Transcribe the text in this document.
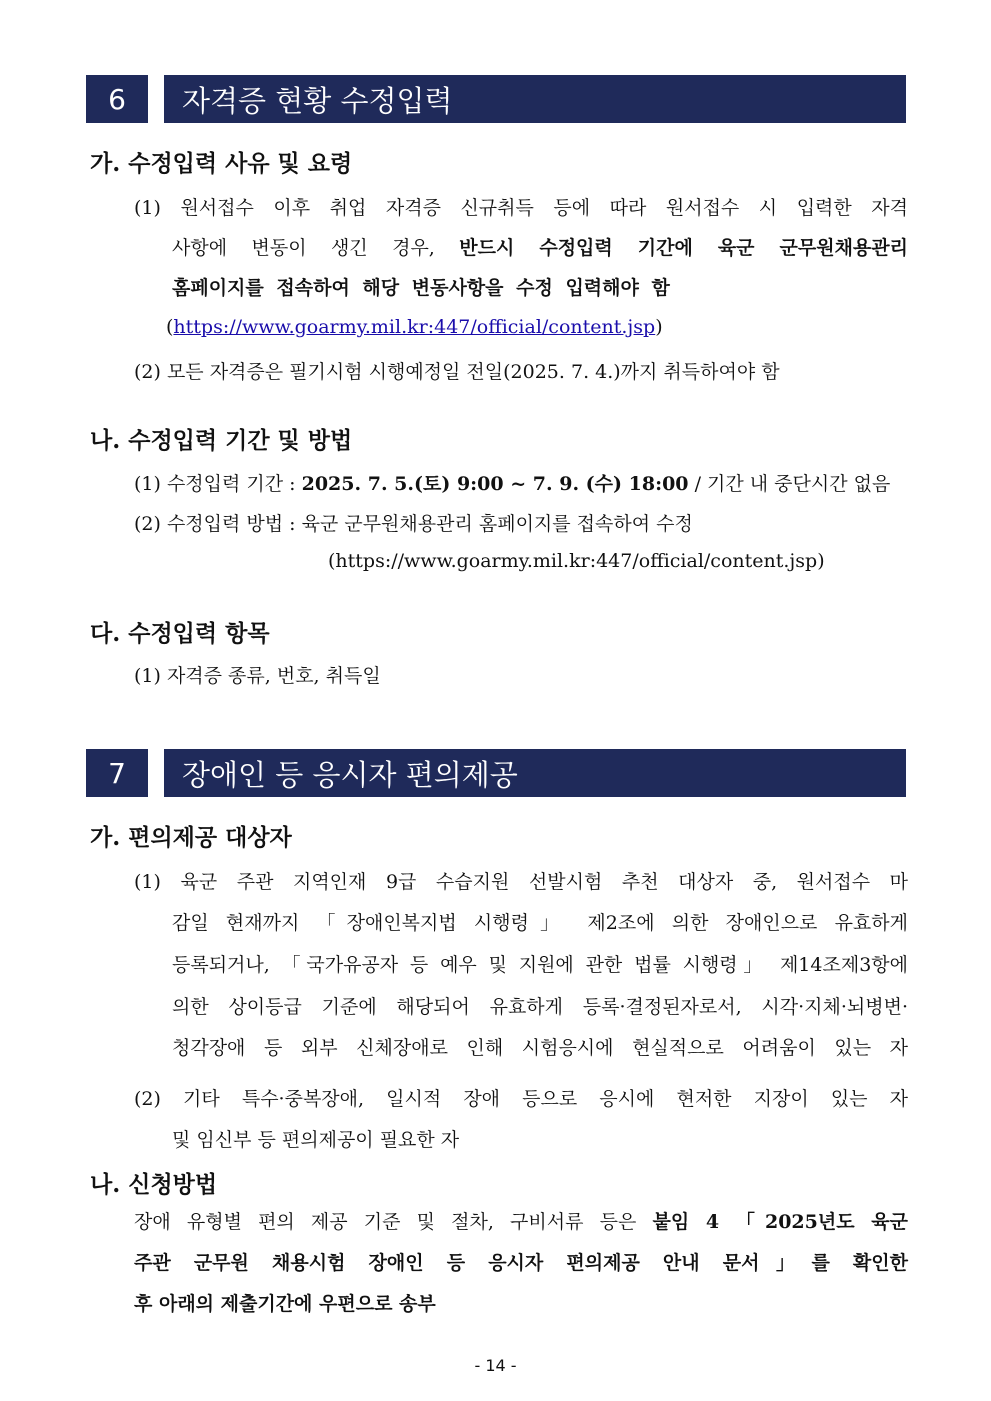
6	자격증 현황 수정입력
가. 수정입력 사유 및 요령
(1) 원서접수 이후 취업 자격증 신규취득 등에 따라 원서접수 시 입력한 자격
사항에 변동이 생긴 경우, 반드시 수정입력 기간에 육군 군무원채용관리
홈페이지를 접속하여 해당 변동사항을 수정 입력해야 함
(https://www.goarmy.mil.kr:447/official/content.jsp)
(2) 모든 자격증은 필기시험 시행예정일 전일(2025. 7. 4.)까지 취득하여야 함
나. 수정입력 기간 및 방법
(1) 수정입력 기간 : 2025. 7. 5.(토) 9:00 ~ 7. 9. (수) 18:00 / 기간 내 중단시간 없음
(2) 수정입력 방법 : 육군 군무원채용관리 홈페이지를 접속하여 수정
(https://www.goarmy.mil.kr:447/official/content.jsp)
다. 수정입력 항목
(1) 자격증 종류, 번호, 취득일
7	장애인 등 응시자 편의제공
가. 편의제공 대상자
(1) 육군 주관 지역인재 9급 수습지원 선발시험 추천 대상자 중, 원서접수 마
감일 현재까지 「장애인복지법 시행령」 제2조에 의한 장애인으로 유효하게
등록되거나, 「국가유공자 등 예우 및 지원에 관한 법률 시행령」 제14조제3항에
의한 상이등급 기준에 해당되어 유효하게 등록·결정된자로서, 시각·지체·뇌병변·
청각장애 등 외부 신체장애로 인해 시험응시에 현실적으로 어려움이 있는 자
(2) 기타 특수·중복장애, 일시적 장애 등으로 응시에 현저한 지장이 있는 자
및 임신부 등 편의제공이 필요한 자
나. 신청방법
장애 유형별 편의 제공 기준 및 절차, 구비서류 등은 붙임 4 「2025년도 육군
주관 군무원 채용시험 장애인 등 응시자 편의제공 안내 문서」를 확인한
후 아래의 제출기간에 우편으로 송부
- 14 -
